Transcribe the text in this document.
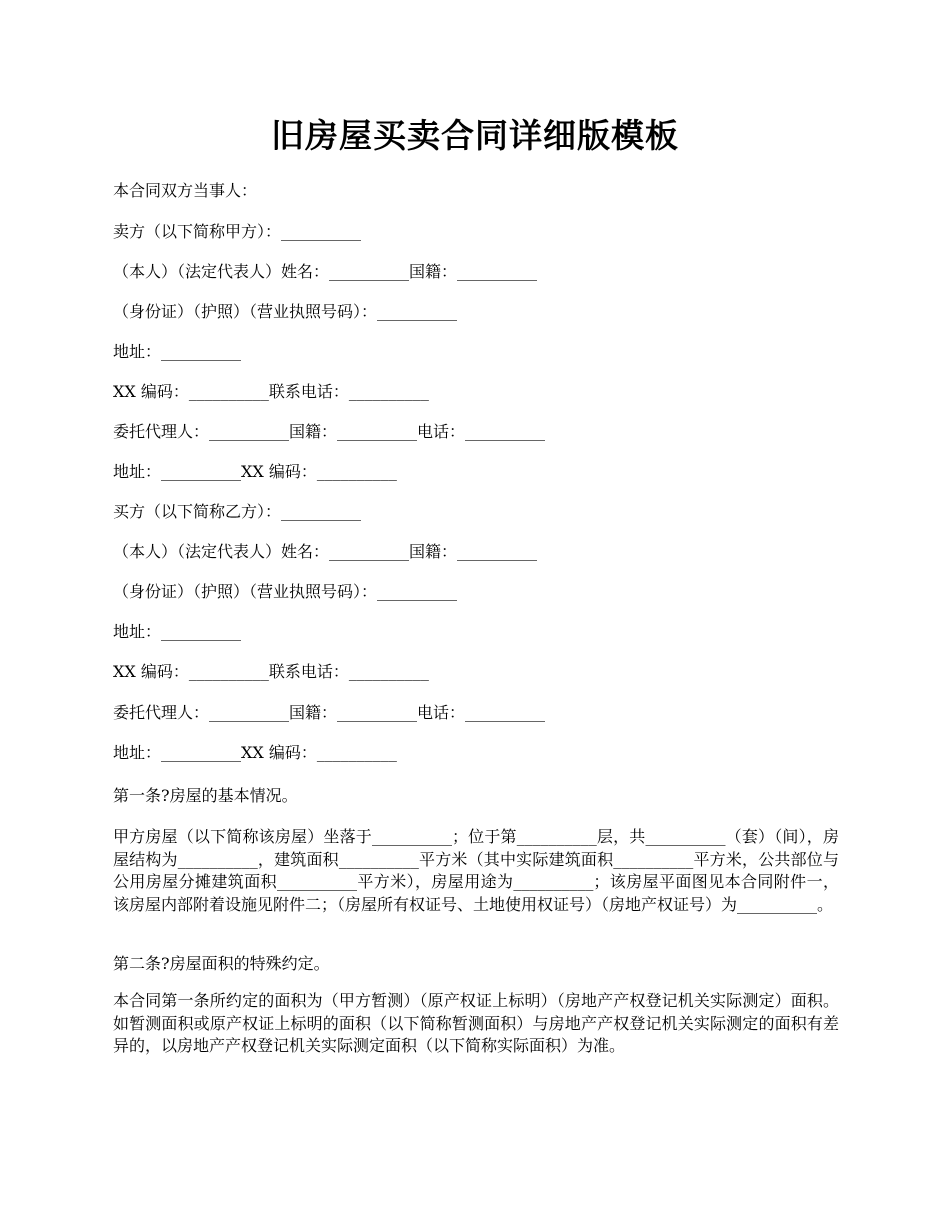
旧房屋买卖合同详细版模板

本合同双方当事人：

卖方（以下简称甲方）：__________

（本人）（法定代表人）姓名：__________国籍：__________

（身份证）（护照）（营业执照号码）：__________

地址：__________

XX 编码：__________联系电话：__________

委托代理人：__________国籍：__________电话：__________

地址：__________XX 编码：__________

买方（以下简称乙方）：__________

（本人）（法定代表人）姓名：__________国籍：__________

（身份证）（护照）（营业执照号码）：__________

地址：__________

XX 编码：__________联系电话：__________

委托代理人：__________国籍：__________电话：__________

地址：__________XX 编码：__________

第一条?房屋的基本情况。

甲方房屋（以下简称该房屋）坐落于__________；位于第__________层，共__________（套）（间），房屋结构为__________，建筑面积__________平方米（其中实际建筑面积__________平方米，公共部位与公用房屋分摊建筑面积__________平方米），房屋用途为__________；该房屋平面图见本合同附件一，该房屋内部附着设施见附件二；（房屋所有权证号、土地使用权证号）（房地产权证号）为__________。

第二条?房屋面积的特殊约定。

本合同第一条所约定的面积为（甲方暂测）（原产权证上标明）（房地产产权登记机关实际测定）面积。如暂测面积或原产权证上标明的面积（以下简称暂测面积）与房地产产权登记机关实际测定的面积有差异的，以房地产产权登记机关实际测定面积（以下简称实际面积）为准。
